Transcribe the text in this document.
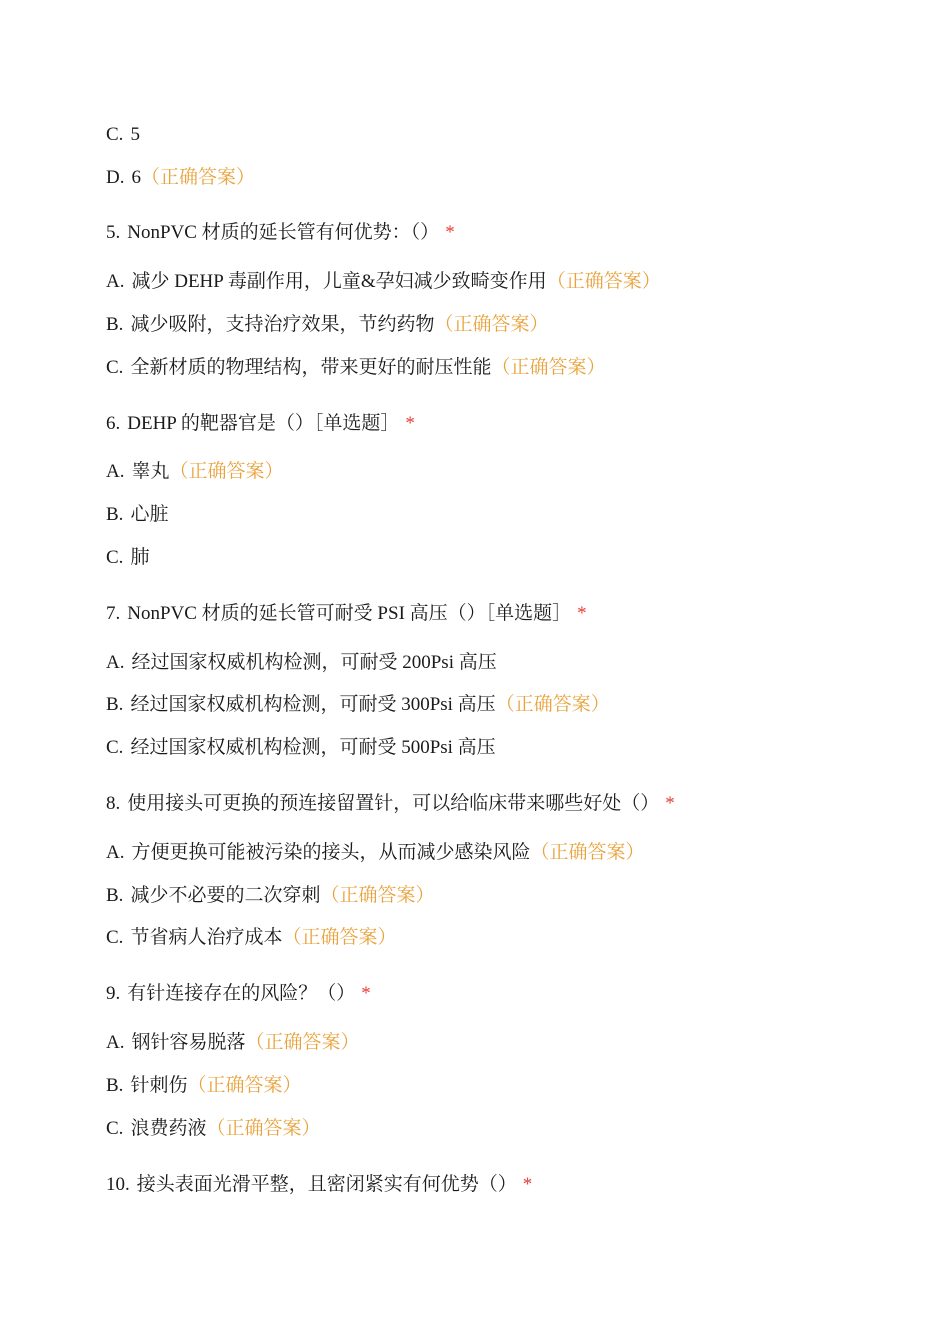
C. 5
D. 6（正确答案）
5. NonPVC 材质的延长管有何优势：（） *
A. 减少 DEHP 毒副作用，儿童&孕妇减少致畸变作用（正确答案）
B. 减少吸附，支持治疗效果，节约药物（正确答案）
C. 全新材质的物理结构，带来更好的耐压性能（正确答案）
6. DEHP 的靶器官是（）［单选题］ *
A. 睾丸（正确答案）
B. 心脏
C. 肺
7. NonPVC 材质的延长管可耐受 PSI 高压（）［单选题］ *
A. 经过国家权威机构检测，可耐受 200Psi 高压
B. 经过国家权威机构检测，可耐受 300Psi 高压（正确答案）
C. 经过国家权威机构检测，可耐受 500Psi 高压
8. 使用接头可更换的预连接留置针，可以给临床带来哪些好处（） *
A. 方便更换可能被污染的接头，从而减少感染风险（正确答案）
B. 减少不必要的二次穿刺（正确答案）
C. 节省病人治疗成本（正确答案）
9. 有针连接存在的风险？（） *
A. 钢针容易脱落（正确答案）
B. 针刺伤（正确答案）
C. 浪费药液（正确答案）
10. 接头表面光滑平整，且密闭紧实有何优势（） *
